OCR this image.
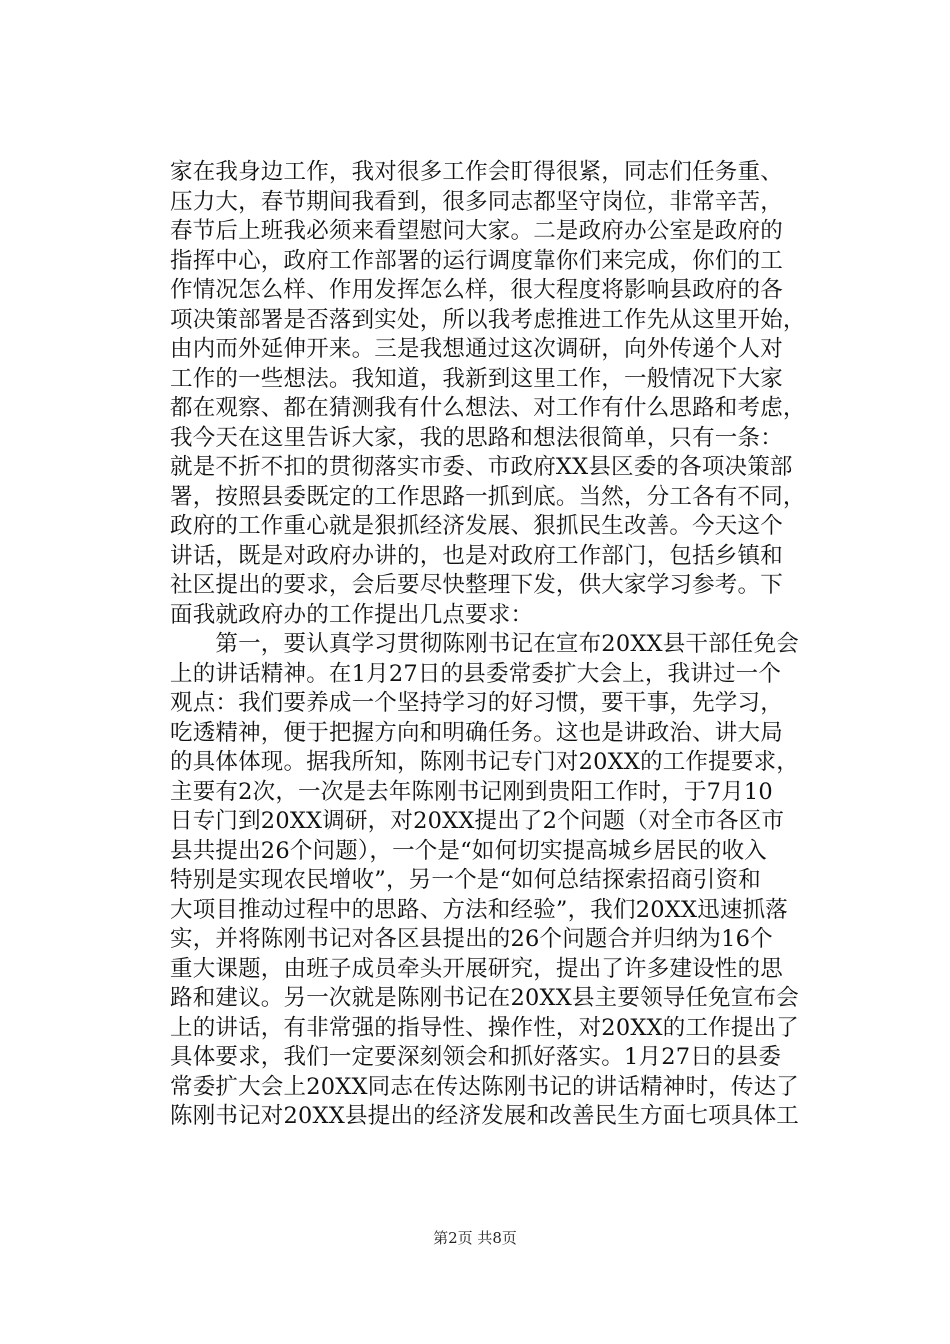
家在我身边工作，我对很多工作会盯得很紧，同志们任务重、
压力大，春节期间我看到，很多同志都坚守岗位，非常辛苦，
春节后上班我必须来看望慰问大家。二是政府办公室是政府的
指挥中心，政府工作部署的运行调度靠你们来完成，你们的工
作情况怎么样、作用发挥怎么样，很大程度将影响县政府的各
项决策部署是否落到实处，所以我考虑推进工作先从这里开始，
由内而外延伸开来。三是我想通过这次调研，向外传递个人对
工作的一些想法。我知道，我新到这里工作，一般情况下大家
都在观察、都在猜测我有什么想法、对工作有什么思路和考虑，
我今天在这里告诉大家，我的思路和想法很简单，只有一条：
就是不折不扣的贯彻落实市委、市政府XX县区委的各项决策部
署，按照县委既定的工作思路一抓到底。当然，分工各有不同，
政府的工作重心就是狠抓经济发展、狠抓民生改善。今天这个
讲话，既是对政府办讲的，也是对政府工作部门，包括乡镇和
社区提出的要求，会后要尽快整理下发，供大家学习参考。下
面我就政府办的工作提出几点要求：
　　第一，要认真学习贯彻陈刚书记在宣布20XX县干部任免会
上的讲话精神。在1月27日的县委常委扩大会上，我讲过一个
观点：我们要养成一个坚持学习的好习惯，要干事，先学习，
吃透精神，便于把握方向和明确任务。这也是讲政治、讲大局
的具体体现。据我所知，陈刚书记专门对20XX的工作提要求，
主要有2次，一次是去年陈刚书记刚到贵阳工作时，于7月10
日专门到20XX调研，对20XX提出了2个问题（对全市各区市
县共提出26个问题），一个是“如何切实提高城乡居民的收入
特别是实现农民增收”，另一个是“如何总结探索招商引资和
大项目推动过程中的思路、方法和经验”，我们20XX迅速抓落
实，并将陈刚书记对各区县提出的26个问题合并归纳为16个
重大课题，由班子成员牵头开展研究，提出了许多建设性的思
路和建议。另一次就是陈刚书记在20XX县主要领导任免宣布会
上的讲话，有非常强的指导性、操作性，对20XX的工作提出了
具体要求，我们一定要深刻领会和抓好落实。1月27日的县委
常委扩大会上20XX同志在传达陈刚书记的讲话精神时，传达了
陈刚书记对20XX县提出的经济发展和改善民生方面七项具体工
第2页 共8页
